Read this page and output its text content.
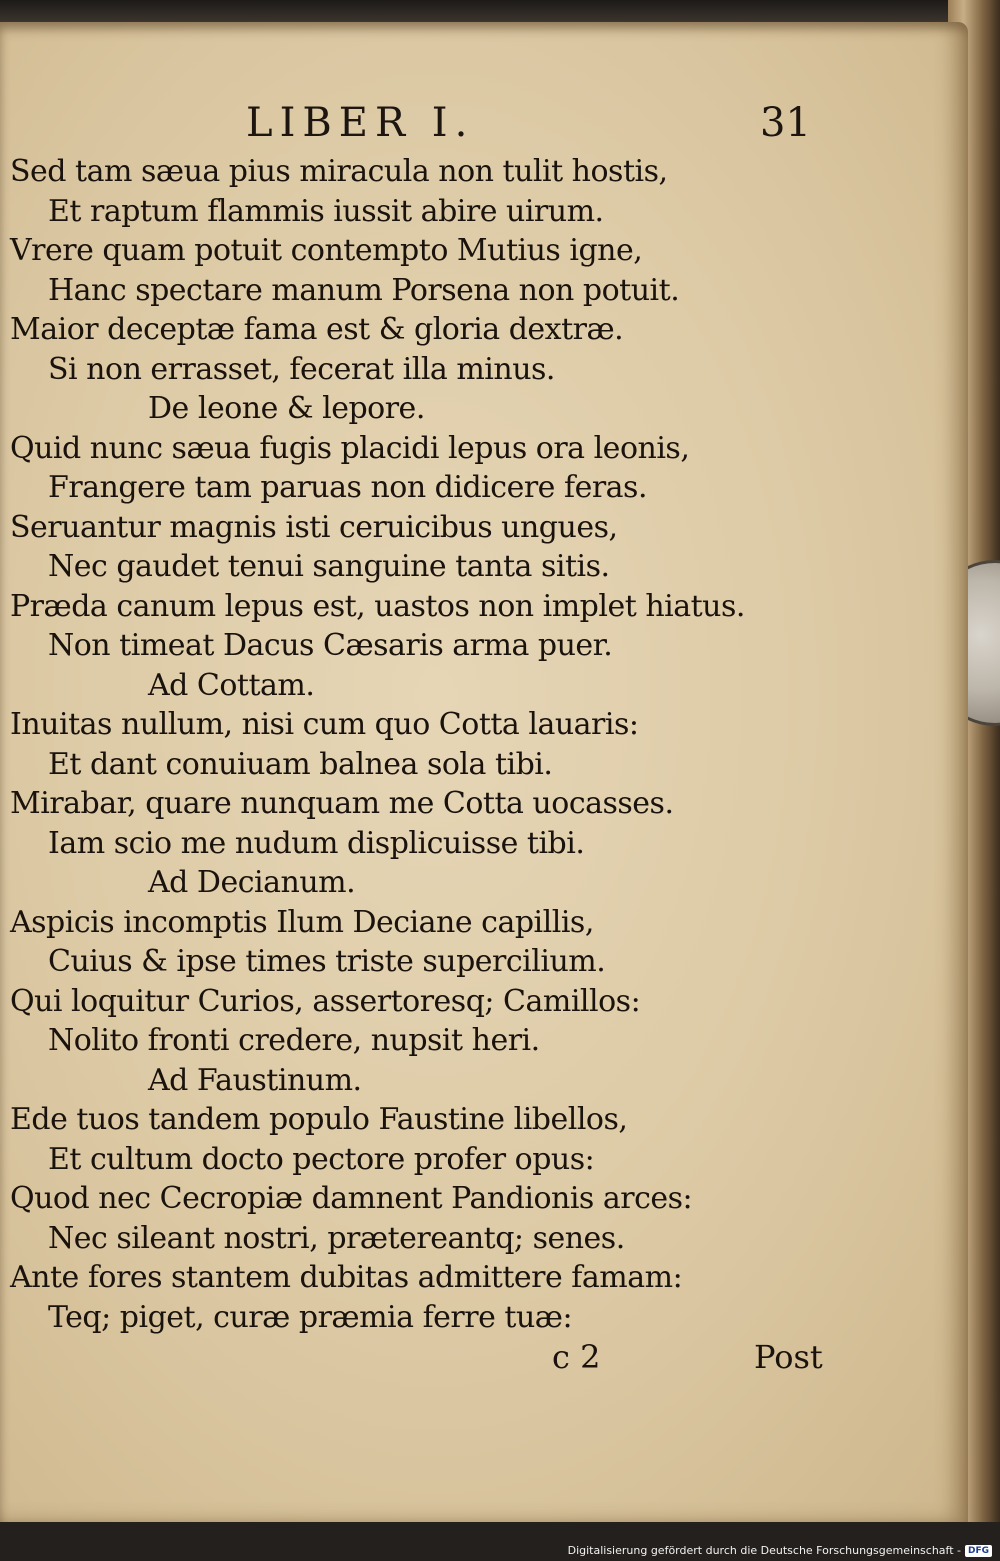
LIBER I.	31
Sed tam sæua pius miracula non tulit hostis,
Et raptum flammis iussit abire uirum.
Vrere quam potuit contempto Mutius igne,
Hanc spectare manum Porsena non potuit.
Maior deceptæ fama est & gloria dextræ.
Si non errasset, fecerat illa minus.
De leone & lepore.
Quid nunc sæua fugis placidi lepus ora leonis,
Frangere tam paruas non didicere feras.
Seruantur magnis isti ceruicibus ungues,
Nec gaudet tenui sanguine tanta sitis.
Præda canum lepus est, uastos non implet hiatus.
Non timeat Dacus Cæsaris arma puer.
Ad Cottam.
Inuitas nullum, nisi cum quo Cotta lauaris:
Et dant conuiuam balnea sola tibi.
Mirabar, quare nunquam me Cotta uocasses.
Iam scio me nudum displicuisse tibi.
Ad Decianum.
Aspicis incomptis Ilum Deciane capillis,
Cuius & ipse times triste supercilium.
Qui loquitur Curios, assertoresq; Camillos:
Nolito fronti credere, nupsit heri.
Ad Faustinum.
Ede tuos tandem populo Faustine libellos,
Et cultum docto pectore profer opus:
Quod nec Cecropiæ damnent Pandionis arces:
Nec sileant nostri, prætereantq; senes.
Ante fores stantem dubitas admittere famam:
Teq; piget, curæ præmia ferre tuæ:
c 2	Post
Digitalisierung gefördert durch die Deutsche Forschungsgemeinschaft - DFG
